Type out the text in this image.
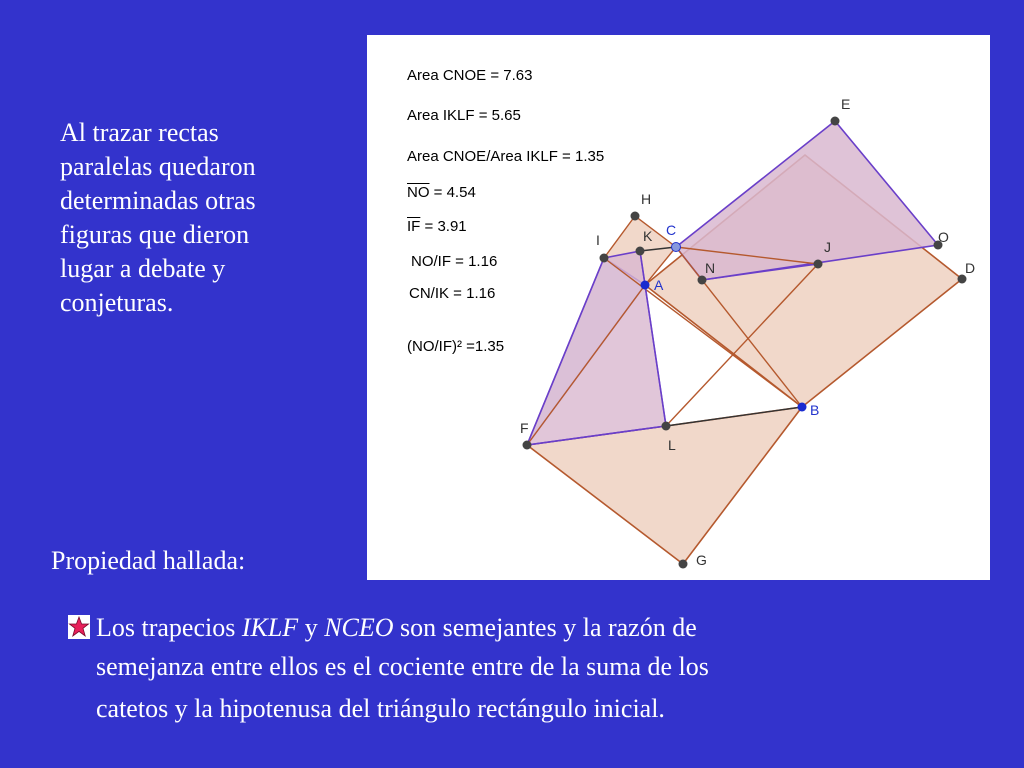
Al trazar rectas
paralelas quedaron
determinadas otras
figuras que dieron
lugar a debate y
conjeturas.
Area CNOE = 7.63
Area IKLF = 5.65
Area CNOE/Area IKLF = 1.35
$\overline{NO} = 4.54$
$\overline{IF} = 3.91$
NO/IF = 1.16
CN/IK = 1.16
(NO/IF)² =1.35
E
H
I	K C
J
O
N	D
A
B
F
L
G
Propiedad hallada:
Los trapecios IKLF y NCEO son semejantes y la razón de
semejanza entre ellos es el cociente entre de la suma de los
catetos y la hipotenusa del triángulo rectángulo inicial.
